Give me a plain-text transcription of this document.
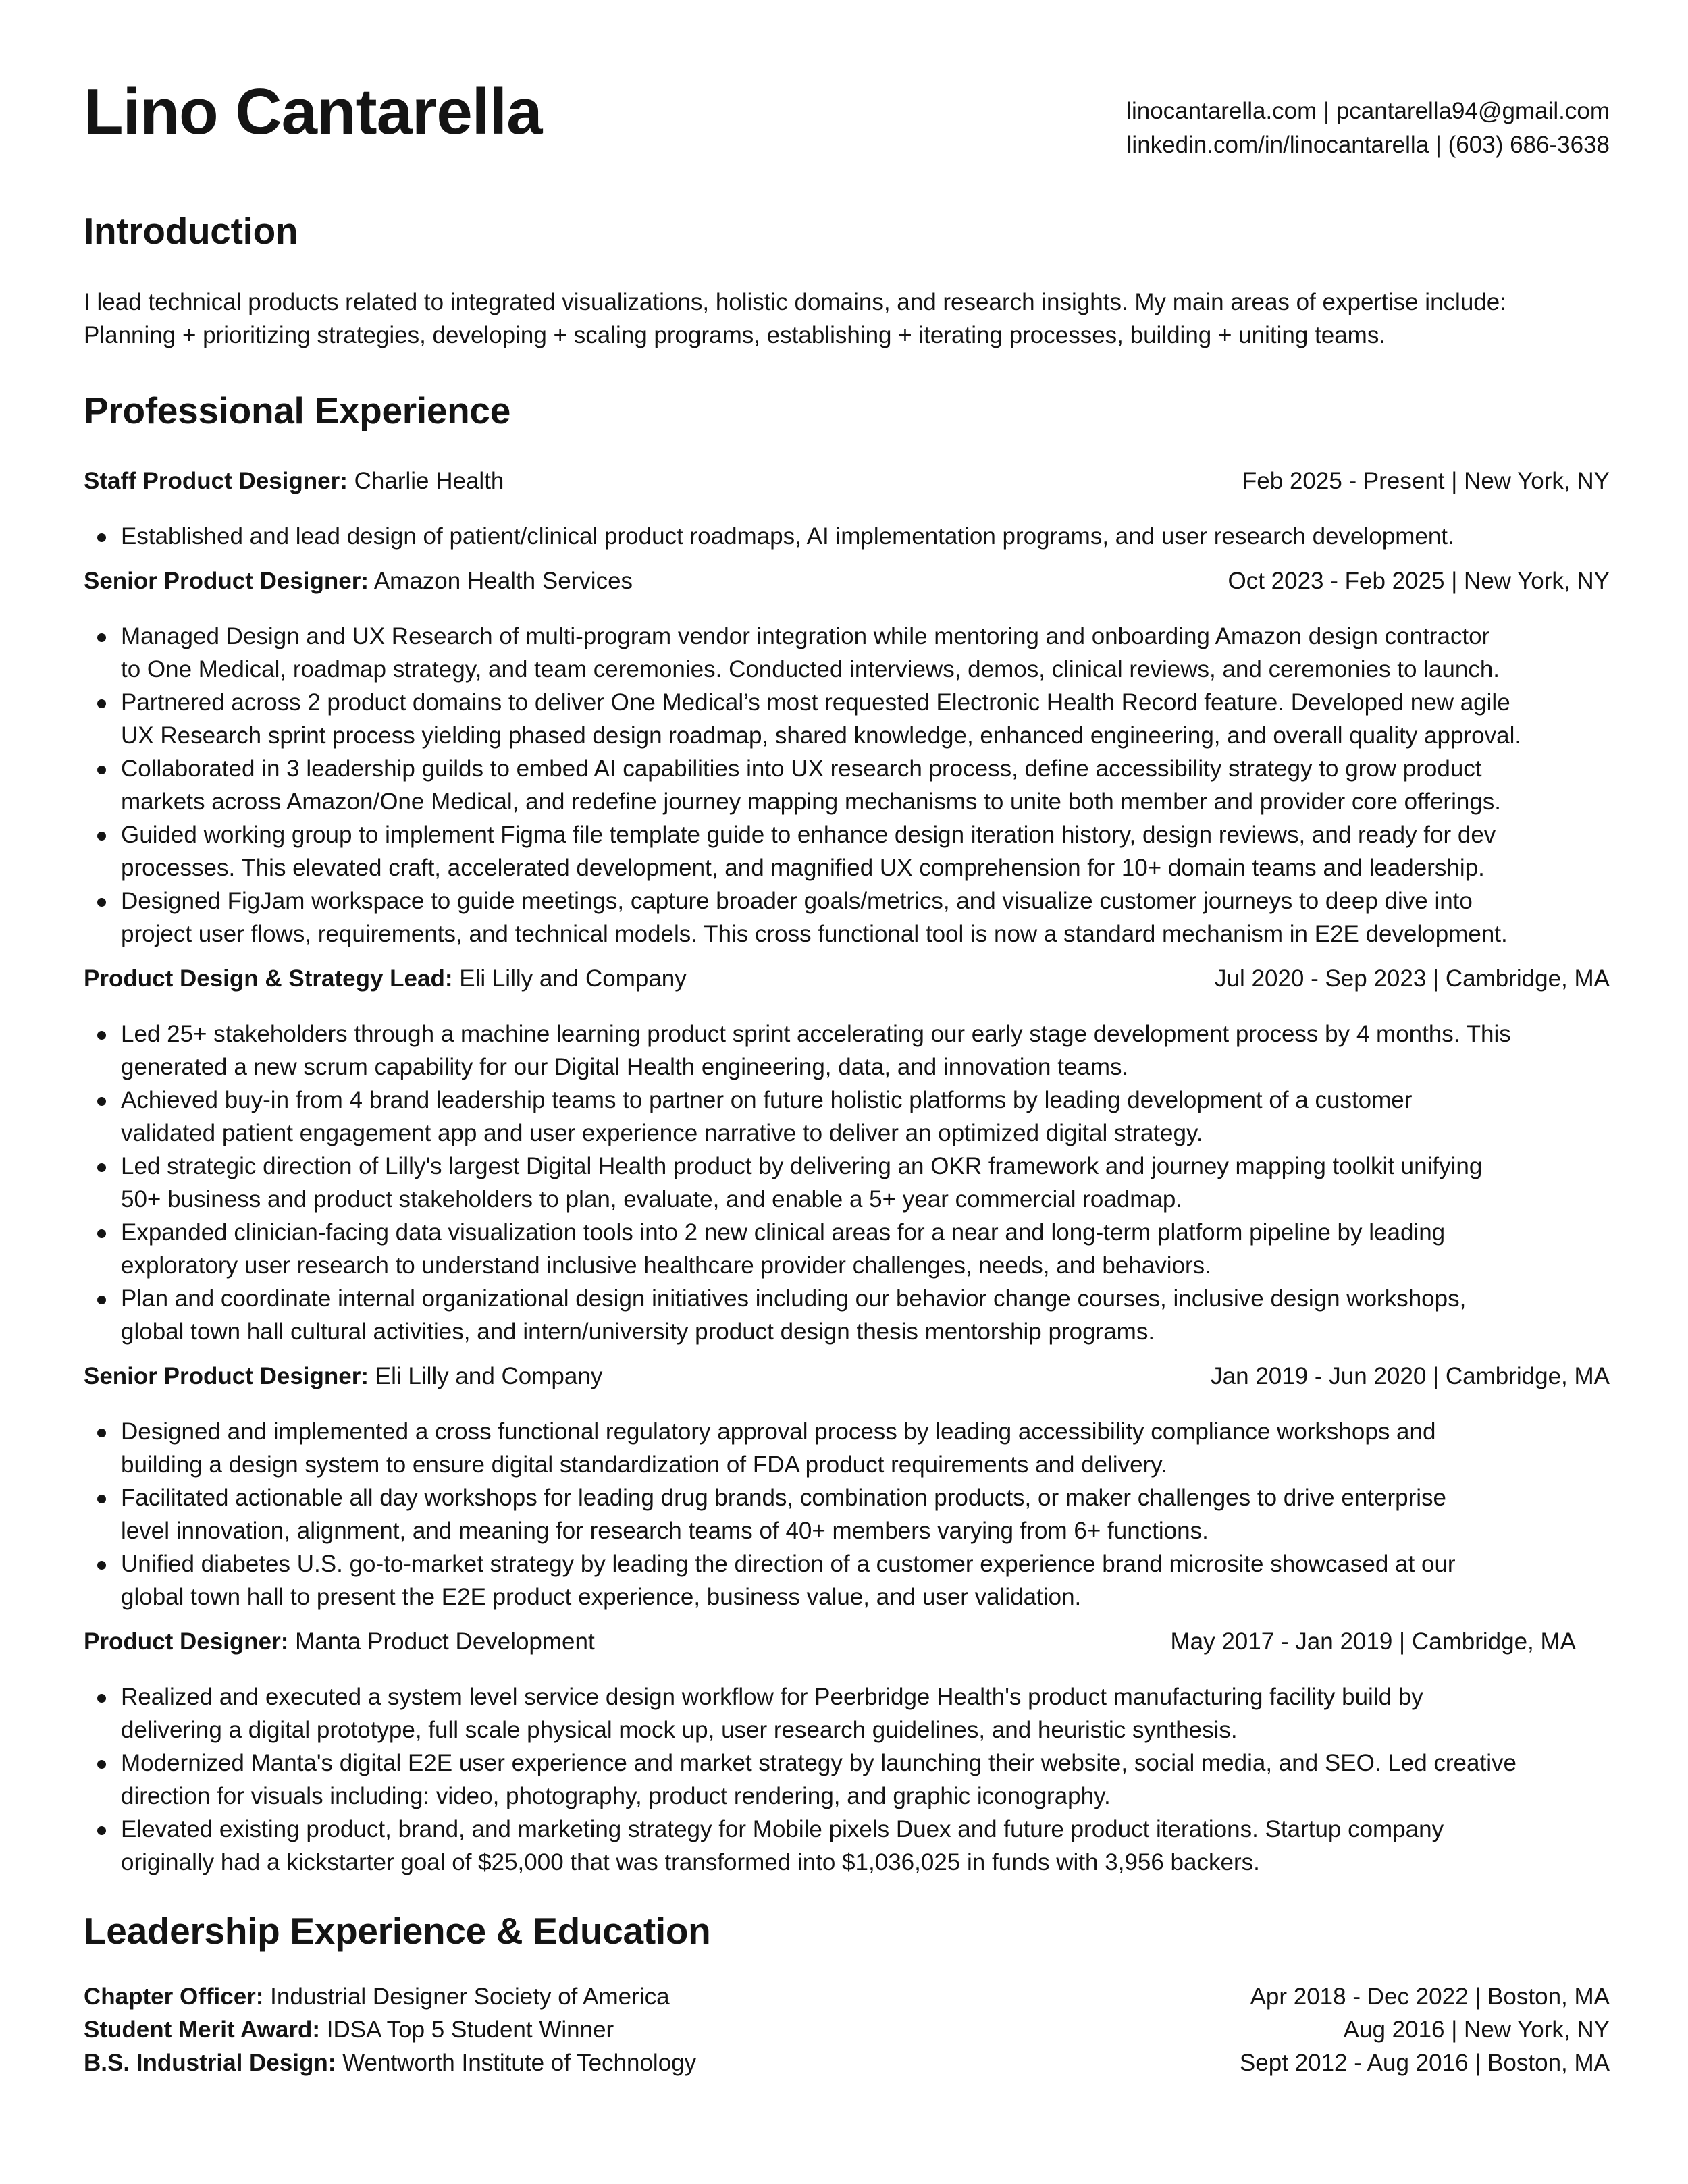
Lino Cantarella	linocantarella.com | pcantarella94@gmail.com
linkedin.com/in/linocantarella | (603) 686-3638
Introduction
I lead technical products related to integrated visualizations, holistic domains, and research insights. My main areas of expertise include:
Planning + prioritizing strategies, developing + scaling programs, establishing + iterating processes, building + uniting teams.
Professional Experience
Staff Product Designer: Charlie Health	Feb 2025 - Present | New York, NY
Established and lead design of patient/clinical product roadmaps, AI implementation programs, and user research development.
Senior Product Designer: Amazon Health Services	Oct 2023 - Feb 2025 | New York, NY
Managed Design and UX Research of multi-program vendor integration while mentoring and onboarding Amazon design contractor
to One Medical, roadmap strategy, and team ceremonies. Conducted interviews, demos, clinical reviews, and ceremonies to launch.
Partnered across 2 product domains to deliver One Medical’s most requested Electronic Health Record feature. Developed new agile
UX Research sprint process yielding phased design roadmap, shared knowledge, enhanced engineering, and overall quality approval.
Collaborated in 3 leadership guilds to embed AI capabilities into UX research process, define accessibility strategy to grow product
markets across Amazon/One Medical, and redefine journey mapping mechanisms to unite both member and provider core offerings.
Guided working group to implement Figma file template guide to enhance design iteration history, design reviews, and ready for dev
processes. This elevated craft, accelerated development, and magnified UX comprehension for 10+ domain teams and leadership.
Designed FigJam workspace to guide meetings, capture broader goals/metrics, and visualize customer journeys to deep dive into
project user flows, requirements, and technical models. This cross functional tool is now a standard mechanism in E2E development.
Product Design & Strategy Lead: Eli Lilly and Company	Jul 2020 - Sep 2023 | Cambridge, MA
Led 25+ stakeholders through a machine learning product sprint accelerating our early stage development process by 4 months. This
generated a new scrum capability for our Digital Health engineering, data, and innovation teams.
Achieved buy-in from 4 brand leadership teams to partner on future holistic platforms by leading development of a customer
validated patient engagement app and user experience narrative to deliver an optimized digital strategy.
Led strategic direction of Lilly's largest Digital Health product by delivering an OKR framework and journey mapping toolkit unifying
50+ business and product stakeholders to plan, evaluate, and enable a 5+ year commercial roadmap.
Expanded clinician-facing data visualization tools into 2 new clinical areas for a near and long-term platform pipeline by leading
exploratory user research to understand inclusive healthcare provider challenges, needs, and behaviors.
Plan and coordinate internal organizational design initiatives including our behavior change courses, inclusive design workshops,
global town hall cultural activities, and intern/university product design thesis mentorship programs.
Senior Product Designer: Eli Lilly and Company	Jan 2019 - Jun 2020 | Cambridge, MA
Designed and implemented a cross functional regulatory approval process by leading accessibility compliance workshops and
building a design system to ensure digital standardization of FDA product requirements and delivery.
Facilitated actionable all day workshops for leading drug brands, combination products, or maker challenges to drive enterprise
level innovation, alignment, and meaning for research teams of 40+ members varying from 6+ functions.
Unified diabetes U.S. go-to-market strategy by leading the direction of a customer experience brand microsite showcased at our
global town hall to present the E2E product experience, business value, and user validation.
Product Designer: Manta Product Development	May 2017 - Jan 2019 | Cambridge, MA
Realized and executed a system level service design workflow for Peerbridge Health's product manufacturing facility build by
delivering a digital prototype, full scale physical mock up, user research guidelines, and heuristic synthesis.
Modernized Manta's digital E2E user experience and market strategy by launching their website, social media, and SEO. Led creative
direction for visuals including: video, photography, product rendering, and graphic iconography.
Elevated existing product, brand, and marketing strategy for Mobile pixels Duex and future product iterations. Startup company
originally had a kickstarter goal of $25,000 that was transformed into $1,036,025 in funds with 3,956 backers.
Leadership Experience & Education
Chapter Officer: Industrial Designer Society of America	Apr 2018 - Dec 2022 | Boston, MA
Student Merit Award: IDSA Top 5 Student Winner	Aug 2016 | New York, NY
B.S. Industrial Design: Wentworth Institute of Technology	Sept 2012 - Aug 2016 | Boston, MA
